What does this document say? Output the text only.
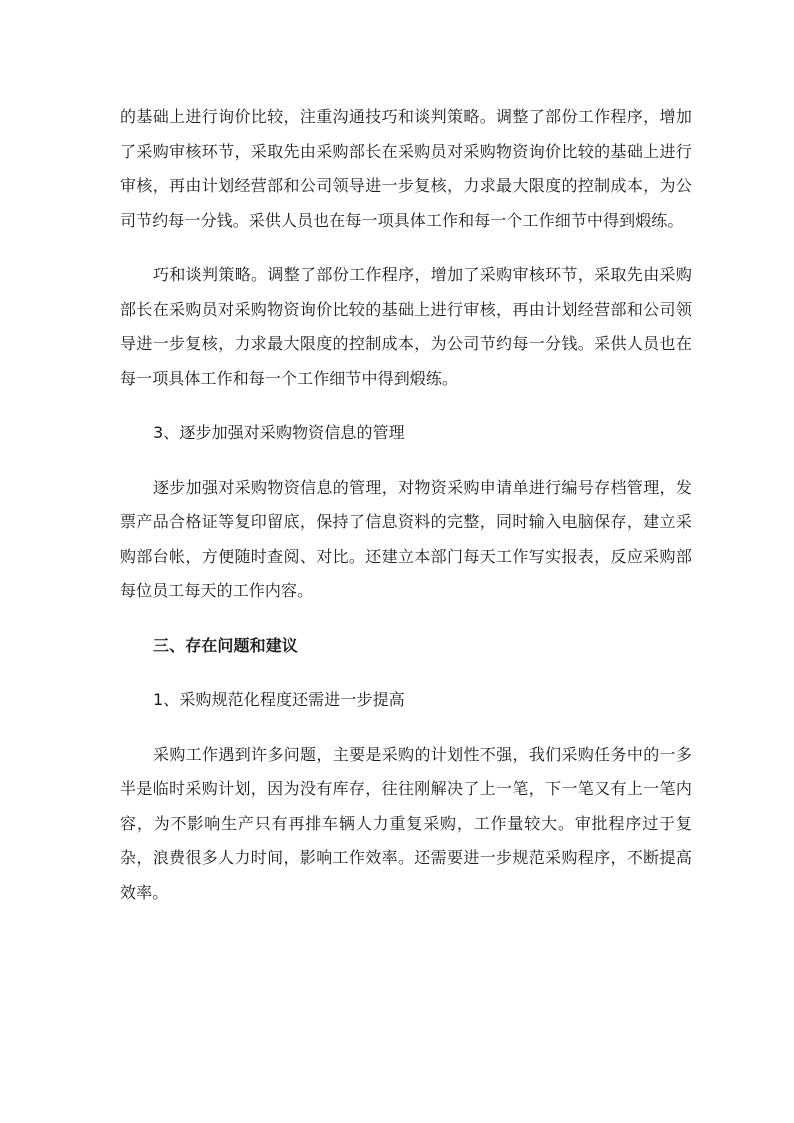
的基础上进行询价比较，注重沟通技巧和谈判策略。调整了部份工作程序，增加了采购审核环节，采取先由采购部长在采购员对采购物资询价比较的基础上进行审核，再由计划经营部和公司领导进一步复核，力求最大限度的控制成本，为公司节约每一分钱。采供人员也在每一项具体工作和每一个工作细节中得到煅练。

巧和谈判策略。调整了部份工作程序，增加了采购审核环节，采取先由采购部长在采购员对采购物资询价比较的基础上进行审核，再由计划经营部和公司领导进一步复核，力求最大限度的控制成本，为公司节约每一分钱。采供人员也在每一项具体工作和每一个工作细节中得到煅练。

3、逐步加强对采购物资信息的管理

逐步加强对采购物资信息的管理，对物资采购申请单进行编号存档管理，发票产品合格证等复印留底，保持了信息资料的完整，同时输入电脑保存，建立采购部台帐，方便随时查阅、对比。还建立本部门每天工作写实报表，反应采购部每位员工每天的工作内容。

三、存在问题和建议

1、采购规范化程度还需进一步提高

采购工作遇到许多问题，主要是采购的计划性不强，我们采购任务中的一多半是临时采购计划，因为没有库存，往往刚解决了上一笔，下一笔又有上一笔内容，为不影响生产只有再排车辆人力重复采购，工作量较大。审批程序过于复杂，浪费很多人力时间，影响工作效率。还需要进一步规范采购程序，不断提高效率。
